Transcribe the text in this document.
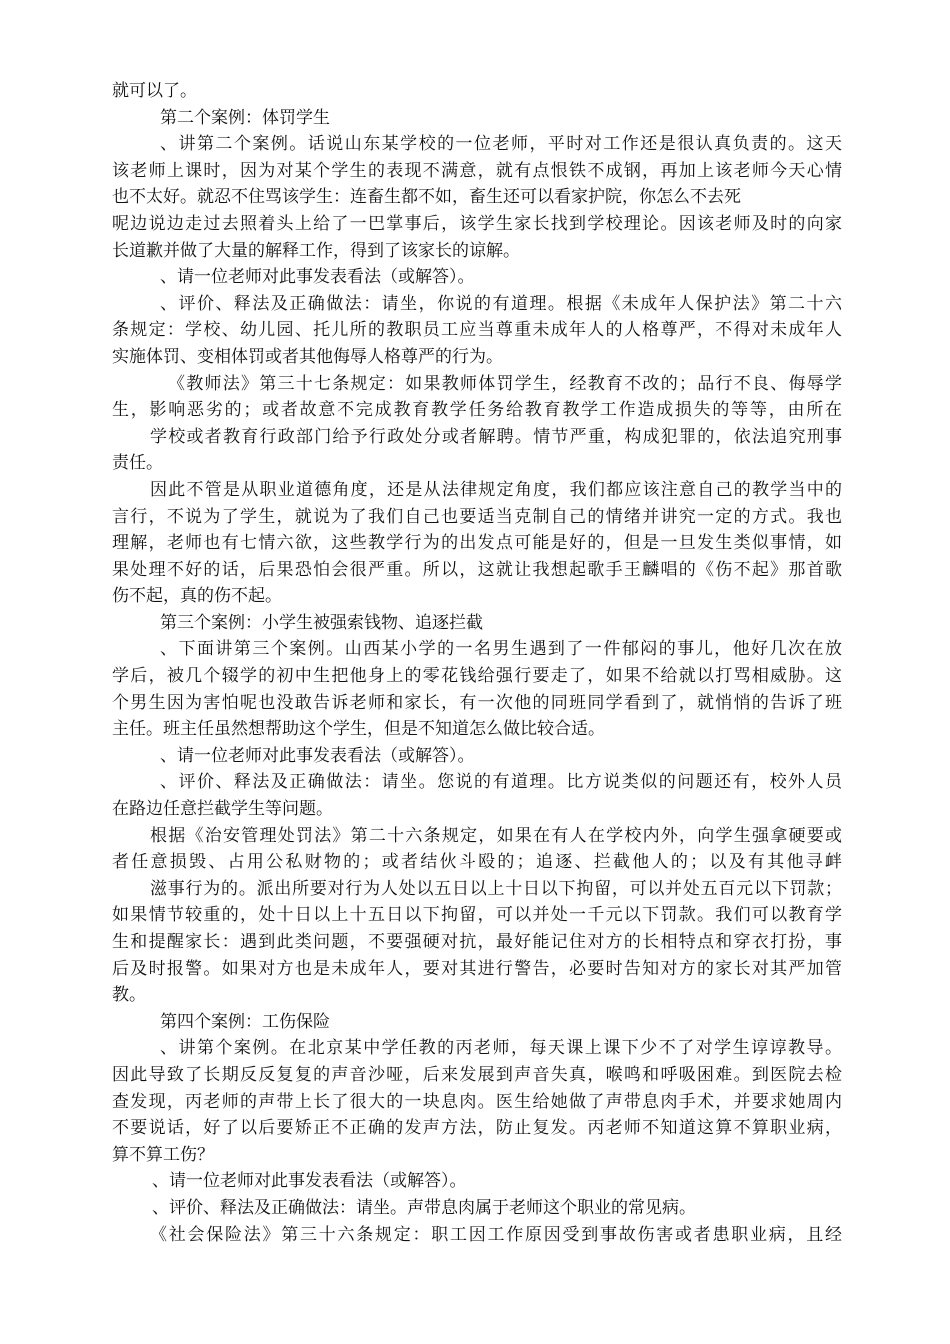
就可以了。
第二个案例：体罚学生
、讲第二个案例。话说山东某学校的一位老师，平时对工作还是很认真负责的。这天
该老师上课时，因为对某个学生的表现不满意，就有点恨铁不成钢，再加上该老师今天心情
也不太好。就忍不住骂该学生：连畜生都不如，畜生还可以看家护院，你怎么不去死
呢边说边走过去照着头上给了一巴掌事后，该学生家长找到学校理论。因该老师及时的向家
长道歉并做了大量的解释工作，得到了该家长的谅解。
、请一位老师对此事发表看法（或解答）。
、评价、释法及正确做法：请坐，你说的有道理。根据《未成年人保护法》第二十六
条规定：学校、幼儿园、托儿所的教职员工应当尊重未成年人的人格尊严，不得对未成年人
实施体罚、变相体罚或者其他侮辱人格尊严的行为。
《教师法》第三十七条规定：如果教师体罚学生，经教育不改的；品行不良、侮辱学
生，影响恶劣的；或者故意不完成教育教学任务给教育教学工作造成损失的等等，由所在
学校或者教育行政部门给予行政处分或者解聘。情节严重，构成犯罪的，依法追究刑事
责任。
因此不管是从职业道德角度，还是从法律规定角度，我们都应该注意自己的教学当中的
言行，不说为了学生，就说为了我们自己也要适当克制自己的情绪并讲究一定的方式。我也
理解，老师也有七情六欲，这些教学行为的出发点可能是好的，但是一旦发生类似事情，如
果处理不好的话，后果恐怕会很严重。所以，这就让我想起歌手王麟唱的《伤不起》那首歌
伤不起，真的伤不起。
第三个案例：小学生被强索钱物、追逐拦截
、下面讲第三个案例。山西某小学的一名男生遇到了一件郁闷的事儿，他好几次在放
学后，被几个辍学的初中生把他身上的零花钱给强行要走了，如果不给就以打骂相威胁。这
个男生因为害怕呢也没敢告诉老师和家长，有一次他的同班同学看到了，就悄悄的告诉了班
主任。班主任虽然想帮助这个学生，但是不知道怎么做比较合适。
、请一位老师对此事发表看法（或解答）。
、评价、释法及正确做法：请坐。您说的有道理。比方说类似的问题还有，校外人员
在路边任意拦截学生等问题。
根据《治安管理处罚法》第二十六条规定，如果在有人在学校内外，向学生强拿硬要或
者任意损毁、占用公私财物的；或者结伙斗殴的；追逐、拦截他人的；以及有其他寻衅
滋事行为的。派出所要对行为人处以五日以上十日以下拘留，可以并处五百元以下罚款；
如果情节较重的，处十日以上十五日以下拘留，可以并处一千元以下罚款。我们可以教育学
生和提醒家长：遇到此类问题，不要强硬对抗，最好能记住对方的长相特点和穿衣打扮，事
后及时报警。如果对方也是未成年人，要对其进行警告，必要时告知对方的家长对其严加管
教。
第四个案例：工伤保险
、讲第个案例。在北京某中学任教的丙老师，每天课上课下少不了对学生谆谆教导。
因此导致了长期反反复复的声音沙哑，后来发展到声音失真，喉鸣和呼吸困难。到医院去检
查发现，丙老师的声带上长了很大的一块息肉。医生给她做了声带息肉手术，并要求她周内
不要说话，好了以后要矫正不正确的发声方法，防止复发。丙老师不知道这算不算职业病，
算不算工伤？
、请一位老师对此事发表看法（或解答）。
、评价、释法及正确做法：请坐。声带息肉属于老师这个职业的常见病。
《社会保险法》第三十六条规定：职工因工作原因受到事故伤害或者患职业病，且经
